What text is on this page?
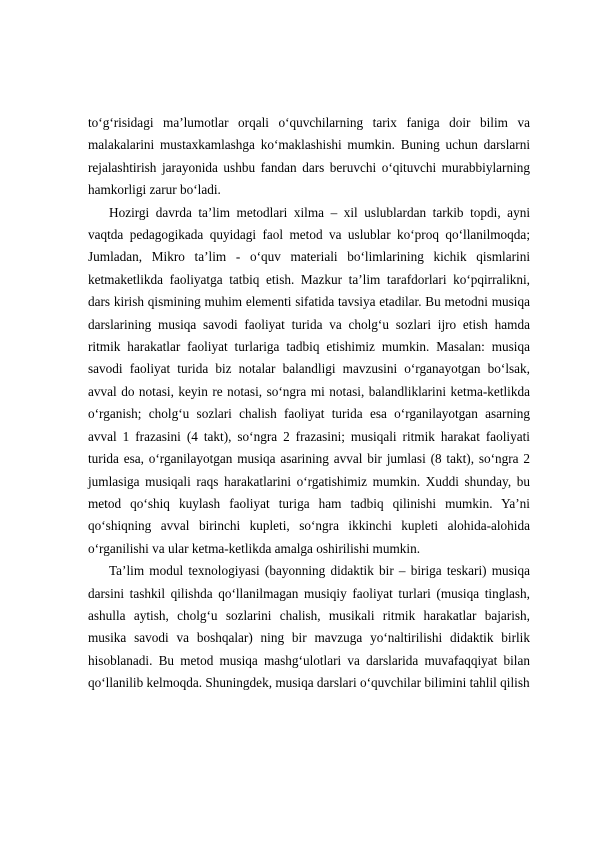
to‘g‘risidagi ma’lumotlar orqali o‘quvchilarning tarix faniga doir bilim va malakalarini mustaxkamlashga ko‘maklashishi mumkin. Buning uchun darslarni rejalashtirish jarayonida ushbu fandan dars beruvchi o‘qituvchi murabbiylarning hamkorligi zarur bo‘ladi.

Hozirgi davrda ta’lim metodlari xilma – xil uslublardan tarkib topdi, ayni vaqtda pedagogikada quyidagi faol metod va uslublar ko‘proq qo‘llanilmoqda; Jumladan, Mikro ta’lim - o‘quv materiali bo‘limlarining kichik qismlarini ketmaketlikda faoliyatga tatbiq etish. Mazkur ta’lim tarafdorlari ko‘pqirralikni, dars kirish qismining muhim elementi sifatida tavsiya etadilar. Bu metodni musiqa darslarining musiqa savodi faoliyat turida va cholg‘u sozlari ijro etish hamda ritmik harakatlar faoliyat turlariga tadbiq etishimiz mumkin. Masalan: musiqa savodi faoliyat turida biz notalar balandligi mavzusini o‘rganayotgan bo‘lsak, avval do notasi, keyin re notasi, so‘ngra mi notasi, balandliklarini ketma-ketlikda o‘rganish; cholg‘u sozlari chalish faoliyat turida esa o‘rganilayotgan asarning avval 1 frazasini (4 takt), so‘ngra 2 frazasini; musiqali ritmik harakat faoliyati turida esa, o‘rganilayotgan musiqa asarining avval bir jumlasi (8 takt), so‘ngra 2 jumlasiga musiqali raqs harakatlarini o‘rgatishimiz mumkin. Xuddi shunday, bu metod qo‘shiq kuylash faoliyat turiga ham tadbiq qilinishi mumkin. Ya’ni qo‘shiqning avval birinchi kupleti, so‘ngra ikkinchi kupleti alohida-alohida o‘rganilishi va ular ketma-ketlikda amalga oshirilishi mumkin.

Ta’lim modul texnologiyasi (bayonning didaktik bir – biriga teskari) musiqa darsini tashkil qilishda qo‘llanilmagan musiqiy faoliyat turlari (musiqa tinglash, ashulla aytish, cholg‘u sozlarini chalish, musikali ritmik harakatlar bajarish, musika savodi va boshqalar) ning bir mavzuga yo‘naltirilishi didaktik birlik hisoblanadi. Bu metod musiqa mashg‘ulotlari va darslarida muvafaqqiyat bilan qo‘llanilib kelmoqda. Shuningdek, musiqa darslari o‘quvchilar bilimini tahlil qilish
